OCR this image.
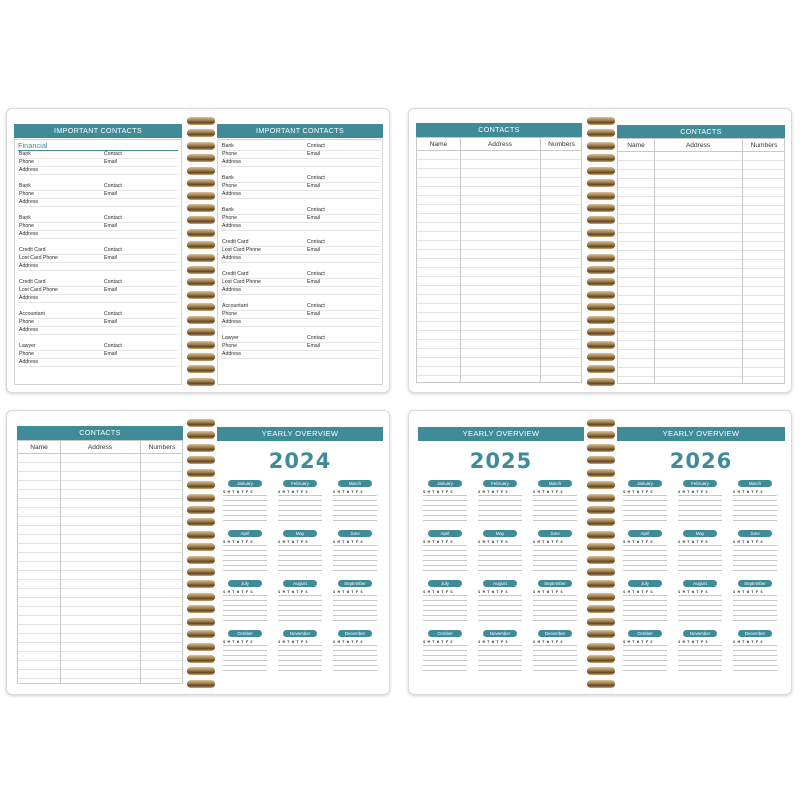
IMPORTANT CONTACTS
Financial
Bank	Contact
Phone	Email
Address
Bank	Contact
Phone	Email
Address
Bank	Contact
Phone	Email
Address
Credit Card	Contact
Lost Card Phone	Email
Address
Credit Card	Contact
Lost Card Phone	Email
Address
Accountant	Contact
Phone	Email
Address
Lawyer	Contact
Phone	Email
Address
IMPORTANT CONTACTS
Bank	Contact
Phone	Email
Address
Bank	Contact
Phone	Email
Address
Bank	Contact
Phone	Email
Address
Credit Card	Contact
Lost Card Phone	Email
Address
Credit Card	Contact
Lost Card Phone	Email
Address
Accountant	Contact
Phone	Email
Address
Lawyer	Contact
Phone	Email
Address
CONTACTS
Name	Address	Numbers
CONTACTS
Name	Address	Numbers
CONTACTS
Name	Address	Numbers
YEARLY OVERVIEW
2024
January
S M T W T F S
February
S M T W T F S
March
S M T W T F S
April
S M T W T F S
May
S M T W T F S
June
S M T W T F S
July
S M T W T F S
August
S M T W T F S
September
S M T W T F S
October
S M T W T F S
November
S M T W T F S
December
S M T W T F S
YEARLY OVERVIEW
2025
January
S M T W T F S
February
S M T W T F S
March
S M T W T F S
April
S M T W T F S
May
S M T W T F S
June
S M T W T F S
July
S M T W T F S
August
S M T W T F S
September
S M T W T F S
October
S M T W T F S
November
S M T W T F S
December
S M T W T F S
YEARLY OVERVIEW
2026
January
S M T W T F S
February
S M T W T F S
March
S M T W T F S
April
S M T W T F S
May
S M T W T F S
June
S M T W T F S
July
S M T W T F S
August
S M T W T F S
September
S M T W T F S
October
S M T W T F S
November
S M T W T F S
December
S M T W T F S
